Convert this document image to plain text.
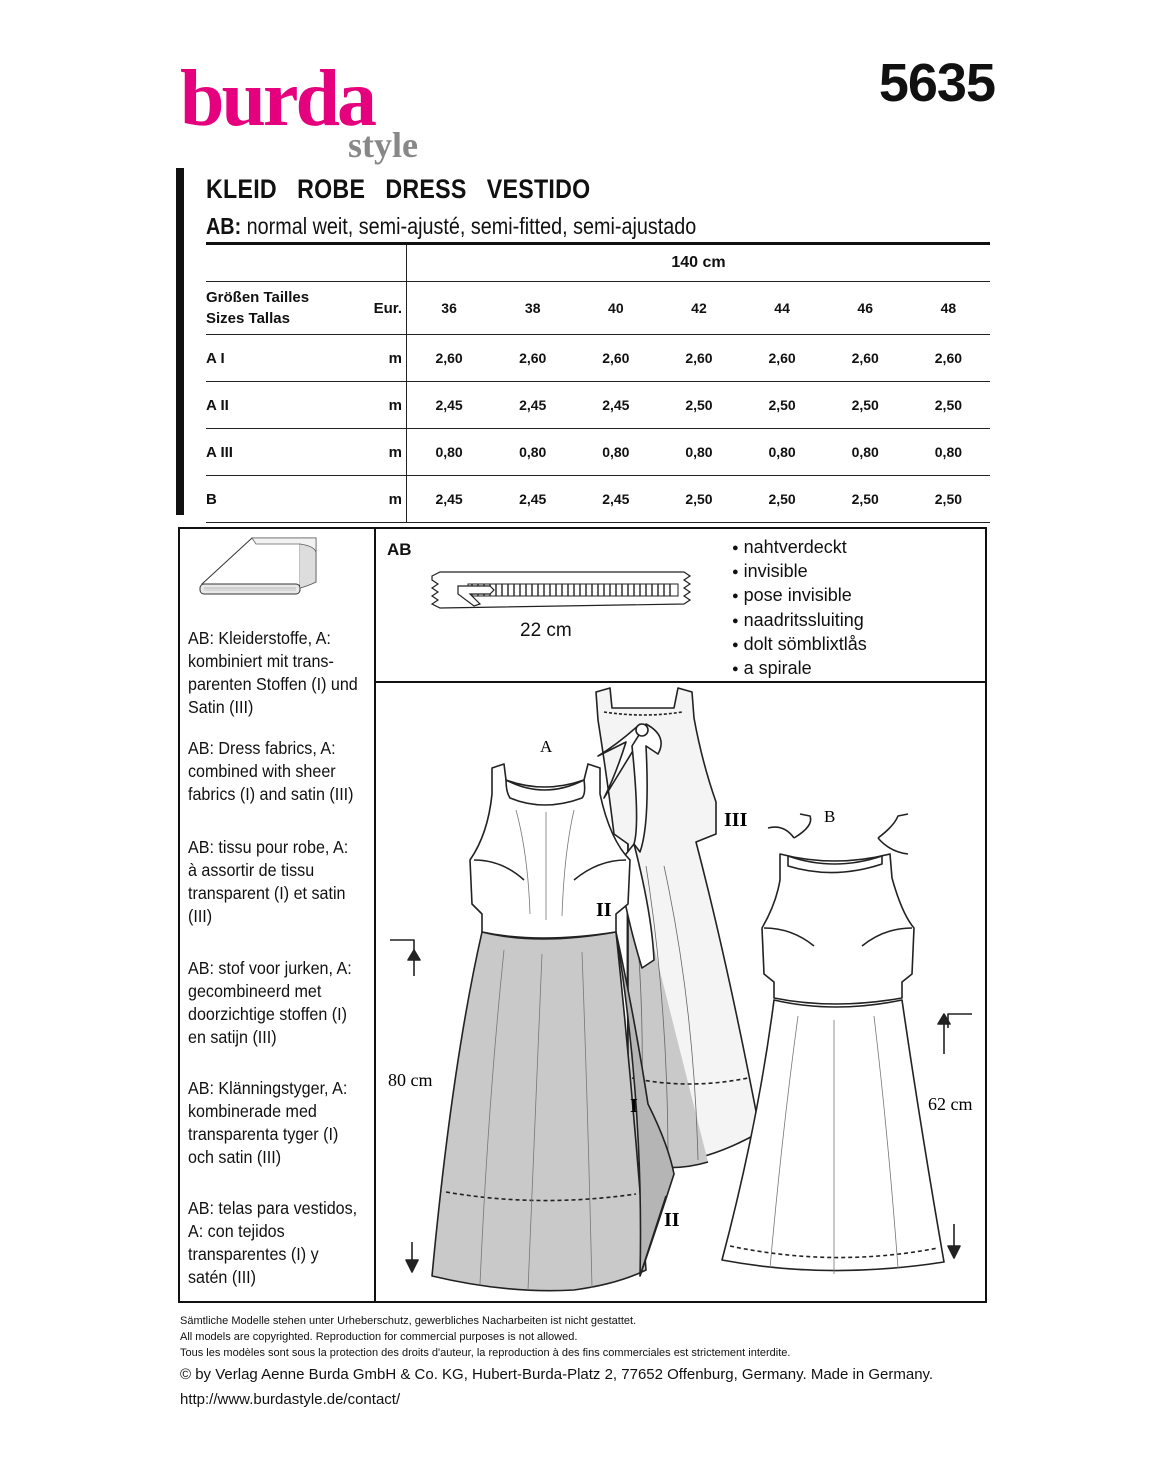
burda
style
5635
KLEID   ROBE   DRESS   VESTIDO
AB: normal weit, semi-ajusté, semi-fitted, semi-ajustado
		140 cm						

Größen Tailles
Sizes Tallas	Eur.	36	38	40	42	44	46	48
A I	m	2,60	2,60	2,60	2,60	2,60	2,60	2,60
A II	m	2,45	2,45	2,45	2,50	2,50	2,50	2,50
A III	m	0,80	0,80	0,80	0,80	0,80	0,80	0,80
B	m	2,45	2,45	2,45	2,50	2,50	2,50	2,50
AB: Kleiderstoffe, A: kombiniert mit trans-parenten Stoffen (I) und Satin (III)
AB: Dress fabrics, A: combined with sheer fabrics (I) and satin (III)
AB: tissu pour robe, A: à assortir de tissu transparent (I) et satin (III)
AB: stof voor jurken, A: gecombineerd met doorzichtige stoffen (I) en satijn (III)
AB: Klänningstyger, A: kombinerade med transparenta tyger (I) och satin (III)
AB: telas para vestidos, A: con tejidos transparentes (I) y satén (III)
AB
22 cm
● nahtverdeckt
● invisible
● pose invisible
● naadritssluiting
● dolt sömblixtlås
● a spirale
A
B
III
II
I
II
80 cm
62 cm
Sämtliche Modelle stehen unter Urheberschutz, gewerbliches Nacharbeiten ist nicht gestattet.
All models are copyrighted. Reproduction for commercial purposes is not allowed.
Tous les modèles sont sous la protection des droits d'auteur, la reproduction à des fins commerciales est strictement interdite.
© by Verlag Aenne Burda GmbH & Co. KG, Hubert-Burda-Platz 2, 77652 Offenburg, Germany. Made in Germany.
http://www.burdastyle.de/contact/
